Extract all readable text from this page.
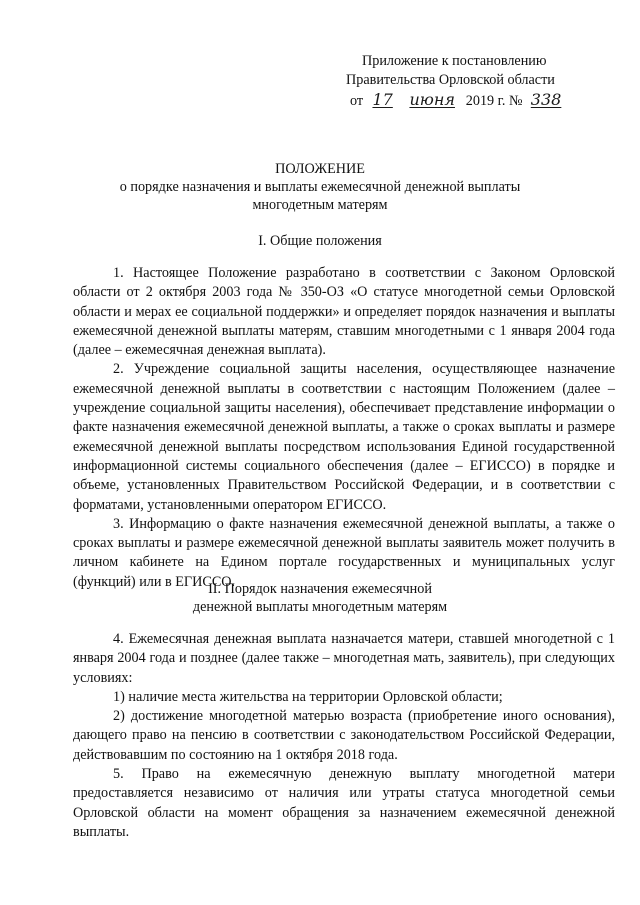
Приложение к постановлению
Правительства Орловской области
от 17 июня 2019 г. № 338
ПОЛОЖЕНИЕ
о порядке назначения и выплаты ежемесячной денежной выплаты
многодетным матерям
I. Общие положения

1. Настоящее Положение разработано в соответствии с Законом Орловской области от 2 октября 2003 года № 350-ОЗ «О статусе многодетной семьи Орловской области и мерах ее социальной поддержки» и определяет порядок назначения и выплаты ежемесячной денежной выплаты матерям, ставшим многодетными с 1 января 2004 года (далее – ежемесячная денежная выплата).

2. Учреждение социальной защиты населения, осуществляющее назначение ежемесячной денежной выплаты в соответствии с настоящим Положением (далее – учреждение социальной защиты населения), обеспечивает представление информации о факте назначения ежемесячной денежной выплаты, а также о сроках выплаты и размере ежемесячной денежной выплаты посредством использования Единой государственной информационной системы социального обеспечения (далее – ЕГИССО) в порядке и объеме, установленных Правительством Российской Федерации, и в соответствии с форматами, установленными оператором ЕГИССО.

3. Информацию о факте назначения ежемесячной денежной выплаты, а также о сроках выплаты и размере ежемесячной денежной выплаты заявитель может получить в личном кабинете на Едином портале государственных и муниципальных услуг (функций) или в ЕГИССО.

II. Порядок назначения ежемесячной
денежной выплаты многодетным матерям

4. Ежемесячная денежная выплата назначается матери, ставшей многодетной с 1 января 2004 года и позднее (далее также – многодетная мать, заявитель), при следующих условиях:

1) наличие места жительства на территории Орловской области;

2) достижение многодетной матерью возраста (приобретение иного основания), дающего право на пенсию в соответствии с законодательством Российской Федерации, действовавшим по состоянию на 1 октября 2018 года.

5. Право на ежемесячную денежную выплату многодетной матери предоставляется независимо от наличия или утраты статуса многодетной семьи Орловской области на момент обращения за назначением ежемесячной денежной выплаты.
